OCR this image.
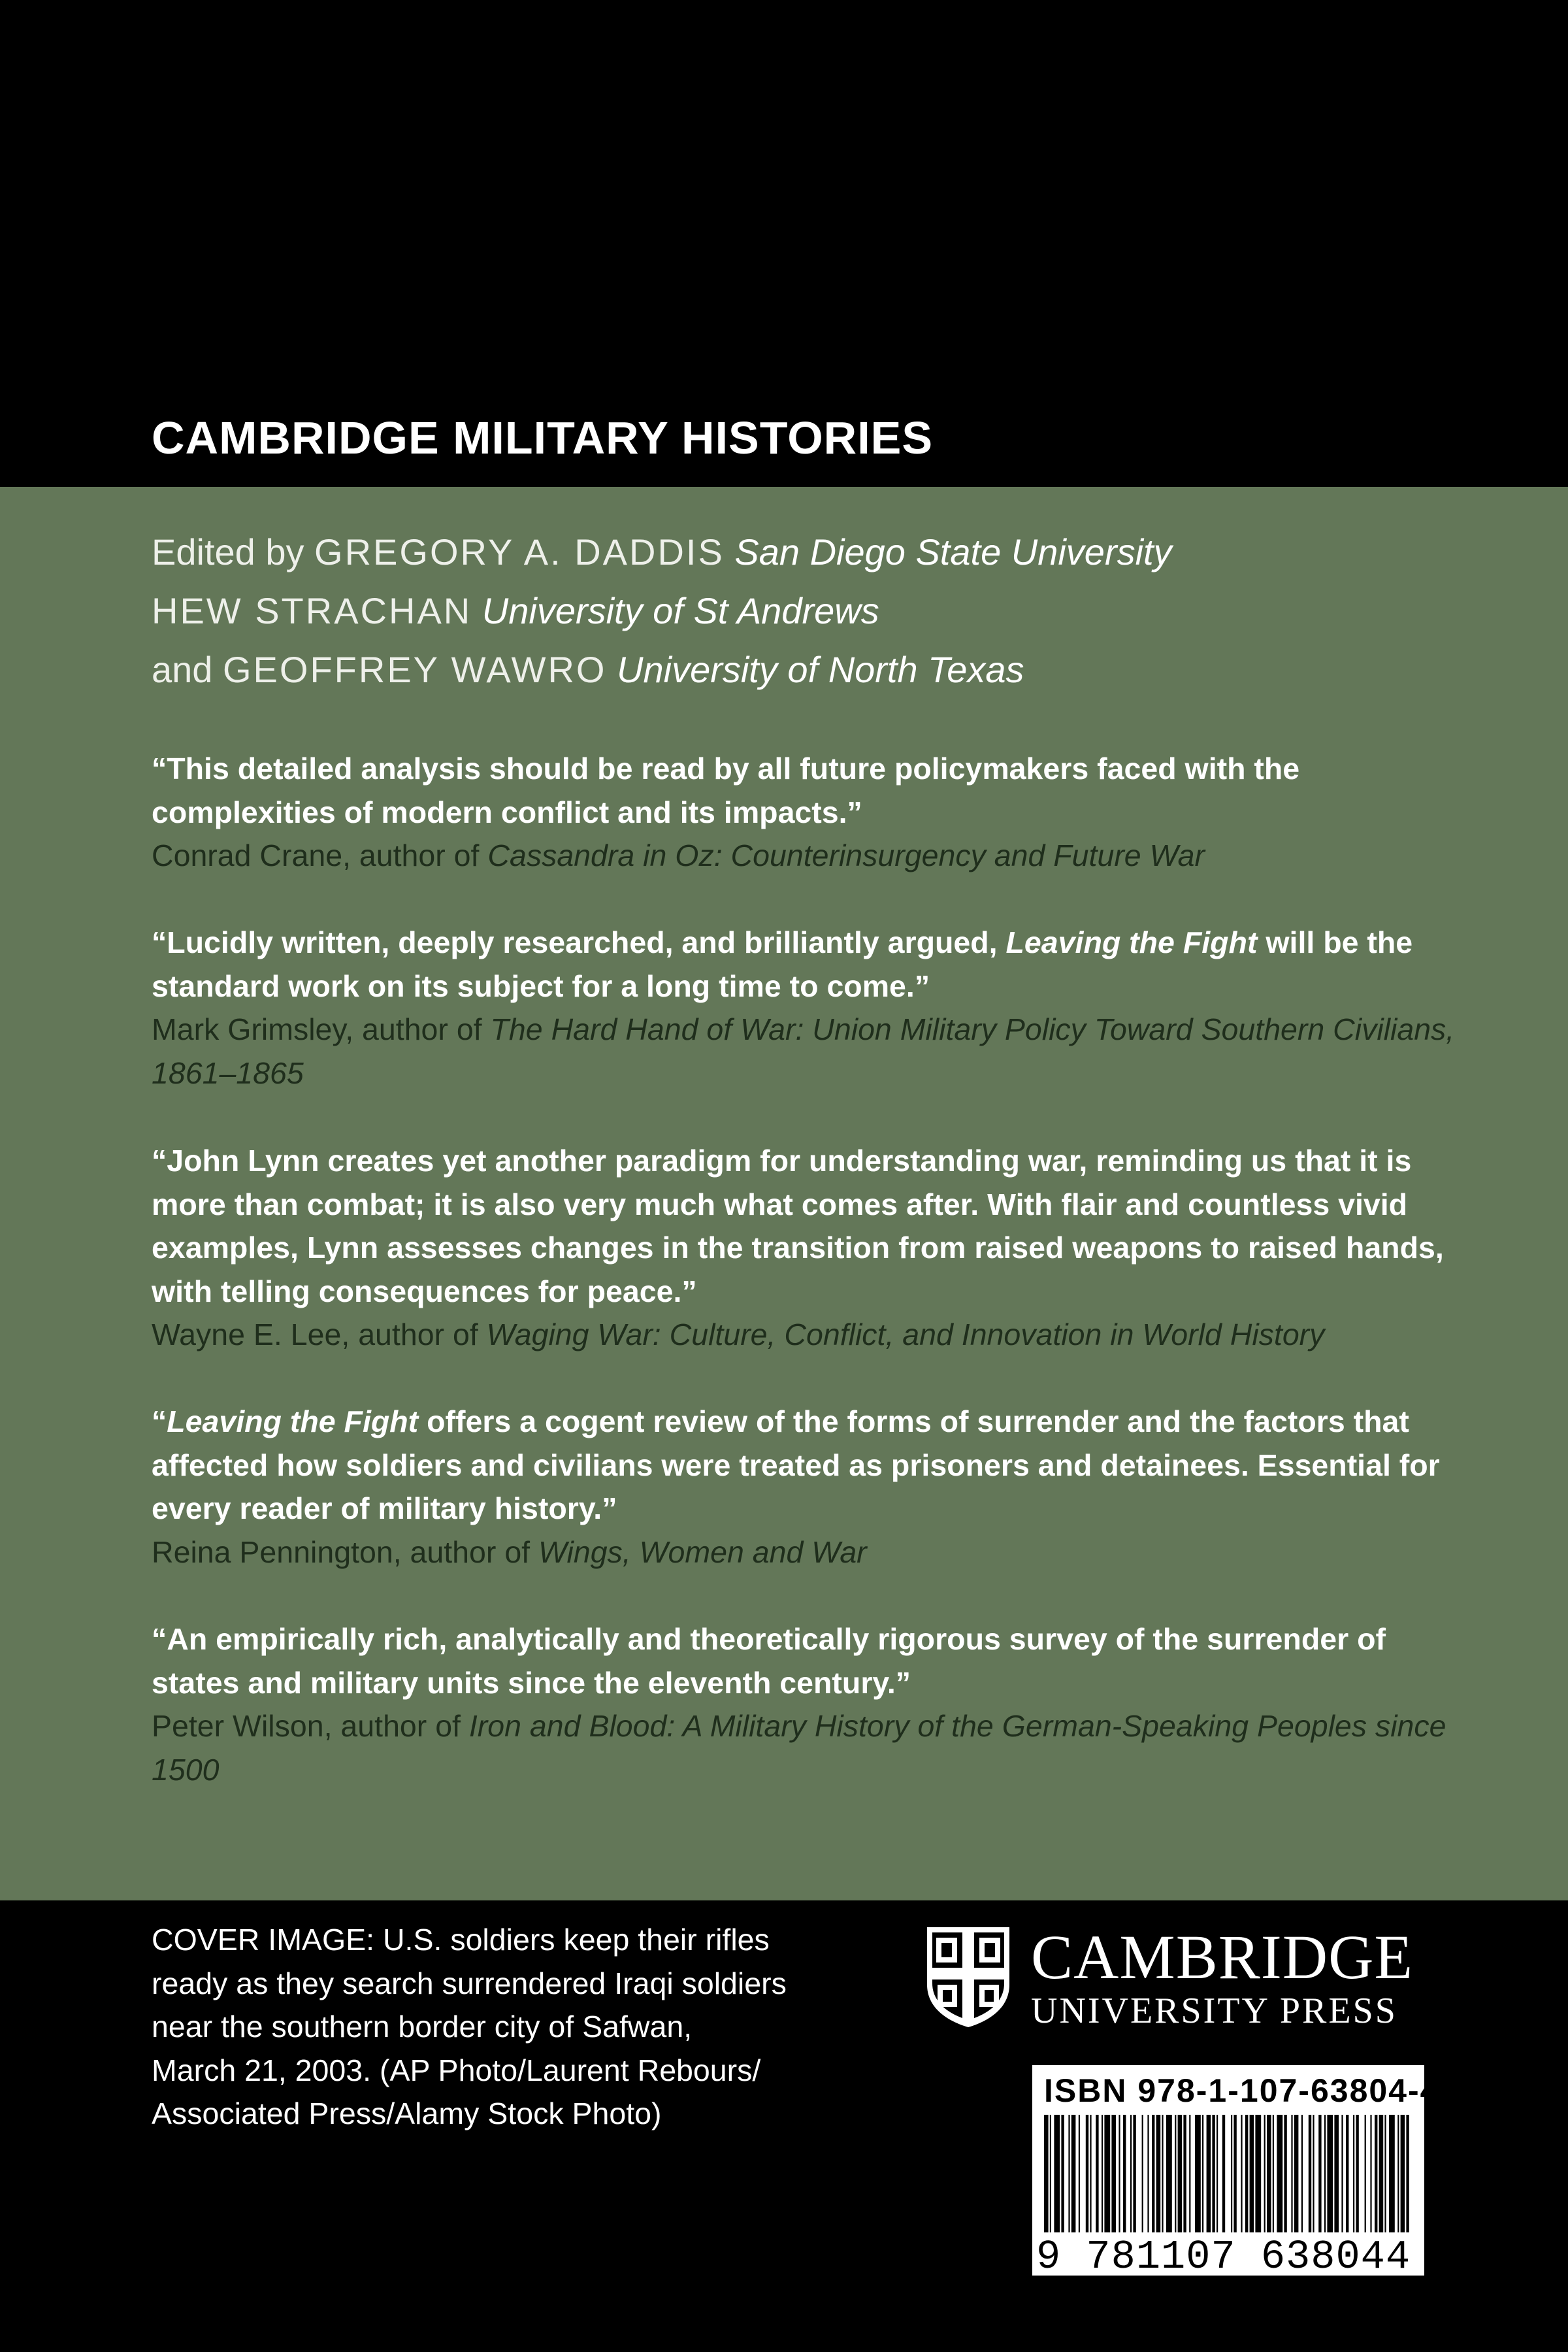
CAMBRIDGE MILITARY HISTORIES
Edited by GREGORY A. DADDIS San Diego State University
HEW STRACHAN University of St Andrews
and GEOFFREY WAWRO University of North Texas

“This detailed analysis should be read by all future policymakers faced with the complexities of modern conflict and its impacts.”

Conrad Crane, author of Cassandra in Oz: Counterinsurgency and Future War

“Lucidly written, deeply researched, and brilliantly argued, Leaving the Fight will be the standard work on its subject for a long time to come.”

Mark Grimsley, author of The Hard Hand of War: Union Military Policy Toward Southern Civilians, 1861–1865

“John Lynn creates yet another paradigm for understanding war, reminding us that it is more than combat; it is also very much what comes after. With flair and countless vivid examples, Lynn assesses changes in the transition from raised weapons to raised hands, with telling consequences for peace.”

Wayne E. Lee, author of Waging War: Culture, Conflict, and Innovation in World History

“Leaving the Fight offers a cogent review of the forms of surrender and the factors that affected how soldiers and civilians were treated as prisoners and detainees. Essential for every reader of military history.”

Reina Pennington, author of Wings, Women and War

“An empirically rich, analytically and theoretically rigorous survey of the surrender of states and military units since the eleventh century.”

Peter Wilson, author of Iron and Blood: A Military History of the German-Speaking Peoples since 1500

COVER IMAGE: U.S. soldiers keep their rifles
ready as they search surrendered Iraqi soldiers
near the southern border city of Safwan,
March 21, 2003. (AP Photo/Laurent Rebours/
Associated Press/Alamy Stock Photo)
CAMBRIDGE
UNIVERSITY PRESS
ISBN 978-1-107-63804-4
9 781107 638044 >
